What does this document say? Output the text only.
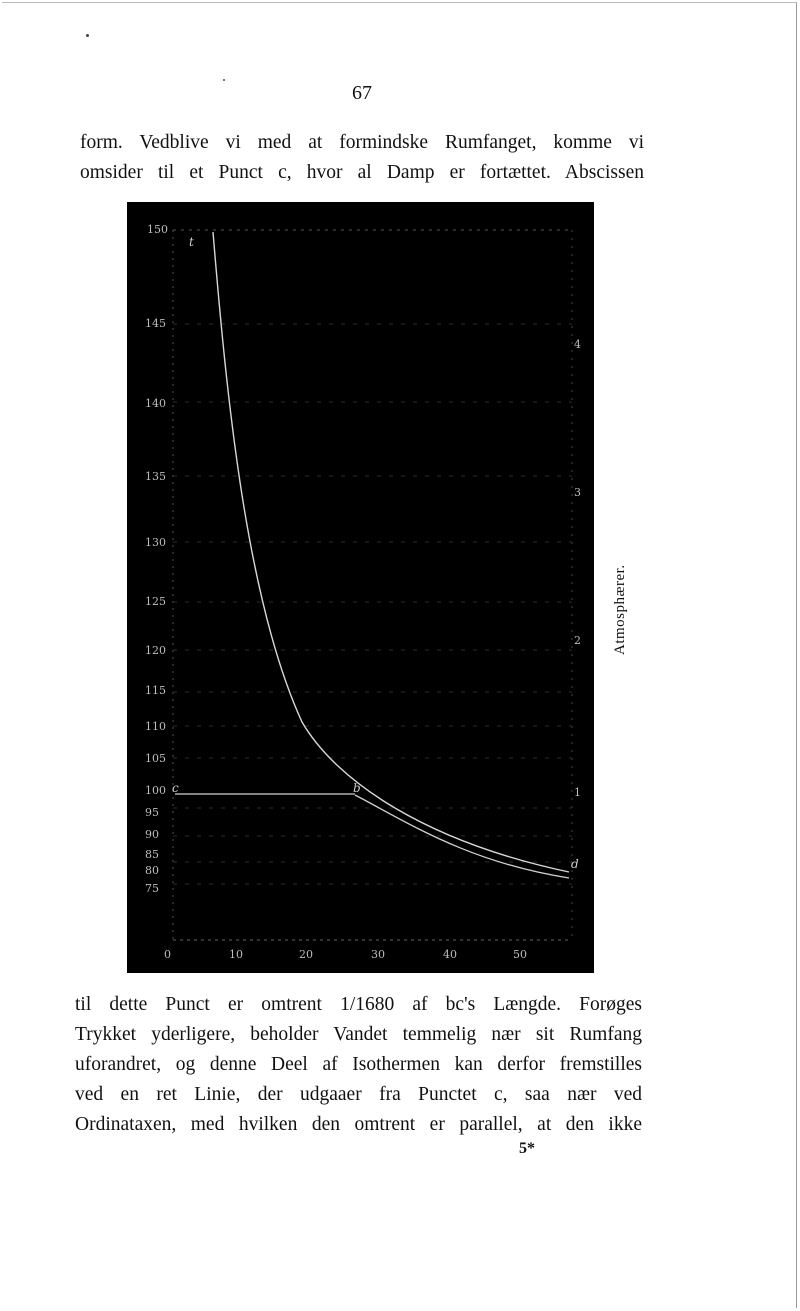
67
form. Vedblive vi med at formindske Rumfanget, komme vi
omsider til et Punct c, hvor al Damp er fortættet. Abscissen
150
145
140
135
130
125
120
115
110
105
100
95
90
85
80
75
4
3
2
1
0	10	20	30	40	50
t
c	b
d
Atmosphærer.
til dette Punct er omtrent 1/1680 af bc's Længde. Forøges
Trykket yderligere, beholder Vandet temmelig nær sit Rumfang
uforandret, og denne Deel af Isothermen kan derfor fremstilles
ved en ret Linie, der udgaaer fra Punctet c, saa nær ved
Ordinataxen, med hvilken den omtrent er parallel, at den ikke
5*
